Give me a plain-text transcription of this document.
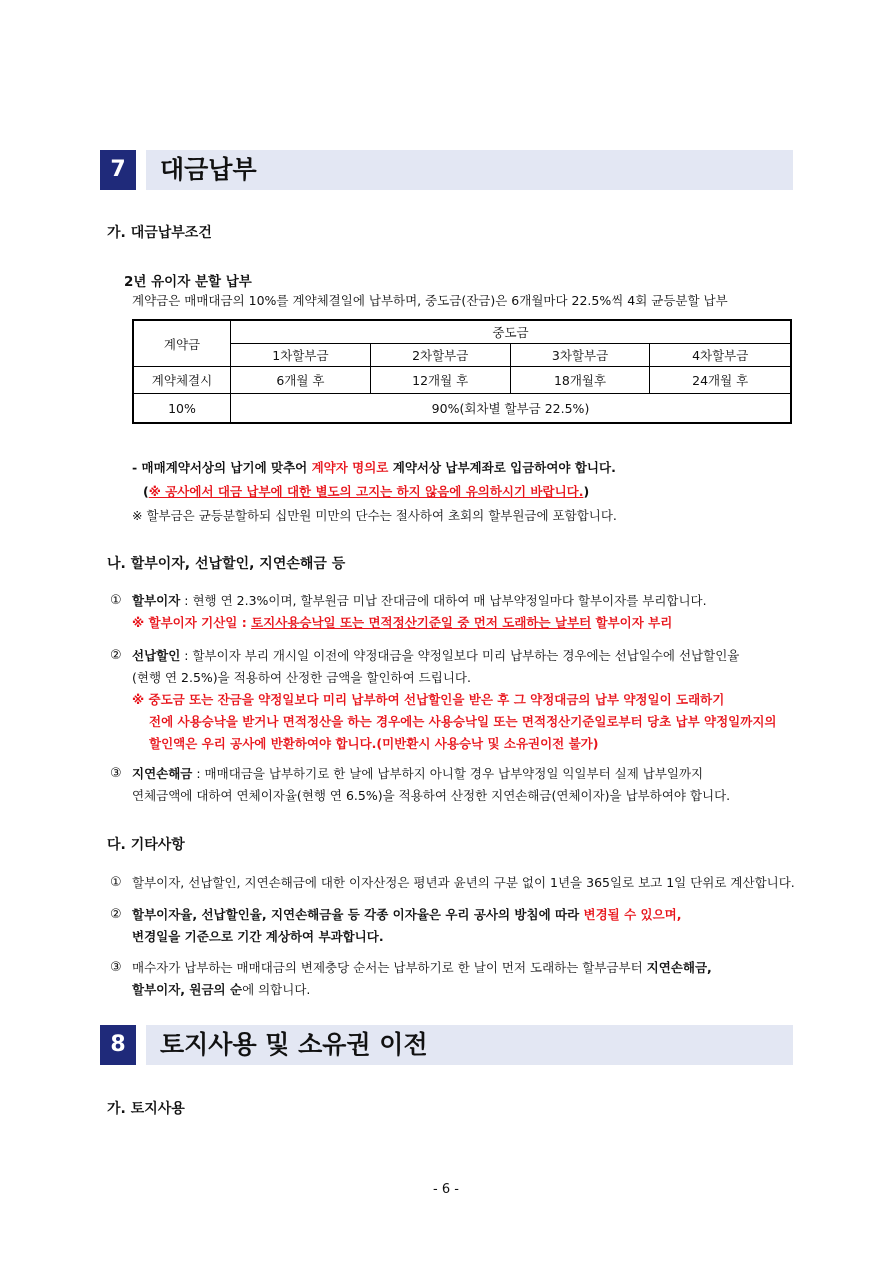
7	대금납부
가. 대금납부조건
2년 유이자 분할 납부
계약금은 매매대금의 10%를 계약체결일에 납부하며, 중도금(잔금)은 6개월마다 22.5%씩 4회 균등분할 납부
계약금	중도금			
	1차할부금	2차할부금	3차할부금	4차할부금
계약체결시	6개월 후	12개월 후	18개월후	24개월 후
10%	90%(회차별 할부금 22.5%)			
- 매매계약서상의 납기에 맞추어 계약자 명의로 계약서상 납부계좌로 입금하여야 합니다.
(※ 공사에서 대금 납부에 대한 별도의 고지는 하지 않음에 유의하시기 바랍니다.)
※ 할부금은 균등분할하되 십만원 미만의 단수는 절사하여 초회의 할부원금에 포함합니다.
나. 할부이자, 선납할인, 지연손해금 등
① 할부이자 : 현행 연 2.3%이며, 할부원금 미납 잔대금에 대하여 매 납부약정일마다 할부이자를 부리합니다.
※ 할부이자 기산일 : 토지사용승낙일 또는 면적정산기준일 중 먼저 도래하는 날부터 할부이자 부리
② 선납할인 : 할부이자 부리 개시일 이전에 약정대금을 약정일보다 미리 납부하는 경우에는 선납일수에 선납할인율
(현행 연 2.5%)을 적용하여 산정한 금액을 할인하여 드립니다.
※ 중도금 또는 잔금을 약정일보다 미리 납부하여 선납할인을 받은 후 그 약정대금의 납부 약정일이 도래하기
전에 사용승낙을 받거나 면적정산을 하는 경우에는 사용승낙일 또는 면적정산기준일로부터 당초 납부 약정일까지의
할인액은 우리 공사에 반환하여야 합니다.(미반환시 사용승낙 및 소유권이전 불가)
③ 지연손해금 : 매매대금을 납부하기로 한 날에 납부하지 아니할 경우 납부약정일 익일부터 실제 납부일까지
연체금액에 대하여 연체이자율(현행 연 6.5%)을 적용하여 산정한 지연손해금(연체이자)을 납부하여야 합니다.
다. 기타사항
① 할부이자, 선납할인, 지연손해금에 대한 이자산정은 평년과 윤년의 구분 없이 1년을 365일로 보고 1일 단위로 계산합니다.
② 할부이자율, 선납할인율, 지연손해금율 등 각종 이자율은 우리 공사의 방침에 따라 변경될 수 있으며,
변경일을 기준으로 기간 계상하여 부과합니다.
③ 매수자가 납부하는 매매대금의 변제충당 순서는 납부하기로 한 날이 먼저 도래하는 할부금부터 지연손해금,
할부이자, 원금의 순에 의합니다.
8	토지사용 및 소유권 이전
가. 토지사용
- 6 -
